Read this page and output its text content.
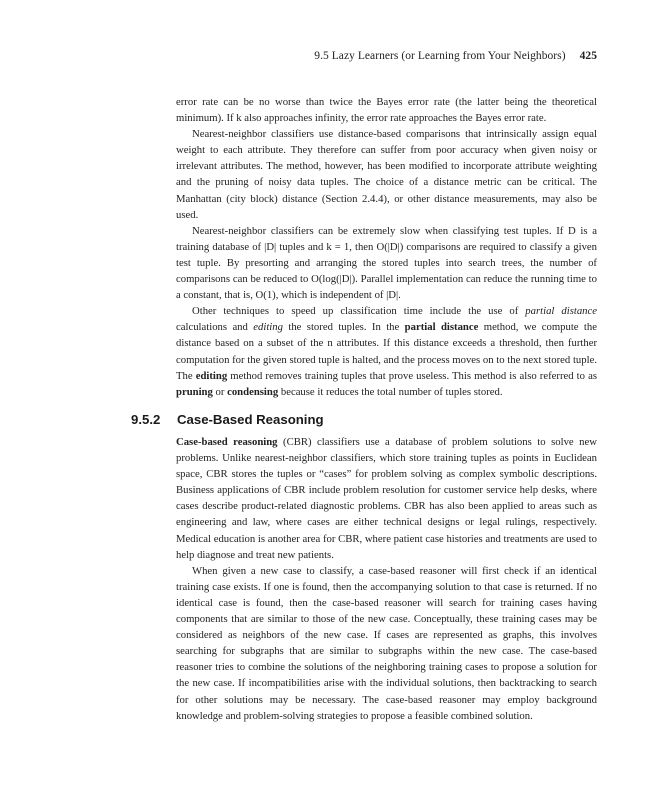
9.5 Lazy Learners (or Learning from Your Neighbors) 425

error rate can be no worse than twice the Bayes error rate (the latter being the theoretical minimum). If k also approaches infinity, the error rate approaches the Bayes error rate.

Nearest-neighbor classifiers use distance-based comparisons that intrinsically assign equal weight to each attribute. They therefore can suffer from poor accuracy when given noisy or irrelevant attributes. The method, however, has been modified to incorporate attribute weighting and the pruning of noisy data tuples. The choice of a distance metric can be critical. The Manhattan (city block) distance (Section 2.4.4), or other distance measurements, may also be used.

Nearest-neighbor classifiers can be extremely slow when classifying test tuples. If D is a training database of |D| tuples and k = 1, then O(|D|) comparisons are required to classify a given test tuple. By presorting and arranging the stored tuples into search trees, the number of comparisons can be reduced to O(log(|D|). Parallel implementation can reduce the running time to a constant, that is, O(1), which is independent of |D|.

Other techniques to speed up classification time include the use of partial distance calculations and editing the stored tuples. In the partial distance method, we compute the distance based on a subset of the n attributes. If this distance exceeds a threshold, then further computation for the given stored tuple is halted, and the process moves on to the next stored tuple. The editing method removes training tuples that prove useless. This method is also referred to as pruning or condensing because it reduces the total number of tuples stored.

9.5.2 Case-Based Reasoning

Case-based reasoning (CBR) classifiers use a database of problem solutions to solve new problems. Unlike nearest-neighbor classifiers, which store training tuples as points in Euclidean space, CBR stores the tuples or “cases” for problem solving as complex symbolic descriptions. Business applications of CBR include problem resolution for customer service help desks, where cases describe product-related diagnostic problems. CBR has also been applied to areas such as engineering and law, where cases are either technical designs or legal rulings, respectively. Medical education is another area for CBR, where patient case histories and treatments are used to help diagnose and treat new patients.

When given a new case to classify, a case-based reasoner will first check if an identical training case exists. If one is found, then the accompanying solution to that case is returned. If no identical case is found, then the case-based reasoner will search for training cases having components that are similar to those of the new case. Conceptually, these training cases may be considered as neighbors of the new case. If cases are represented as graphs, this involves searching for subgraphs that are similar to subgraphs within the new case. The case-based reasoner tries to combine the solutions of the neighboring training cases to propose a solution for the new case. If incompatibilities arise with the individual solutions, then backtracking to search for other solutions may be necessary. The case-based reasoner may employ background knowledge and problem-solving strategies to propose a feasible combined solution.
